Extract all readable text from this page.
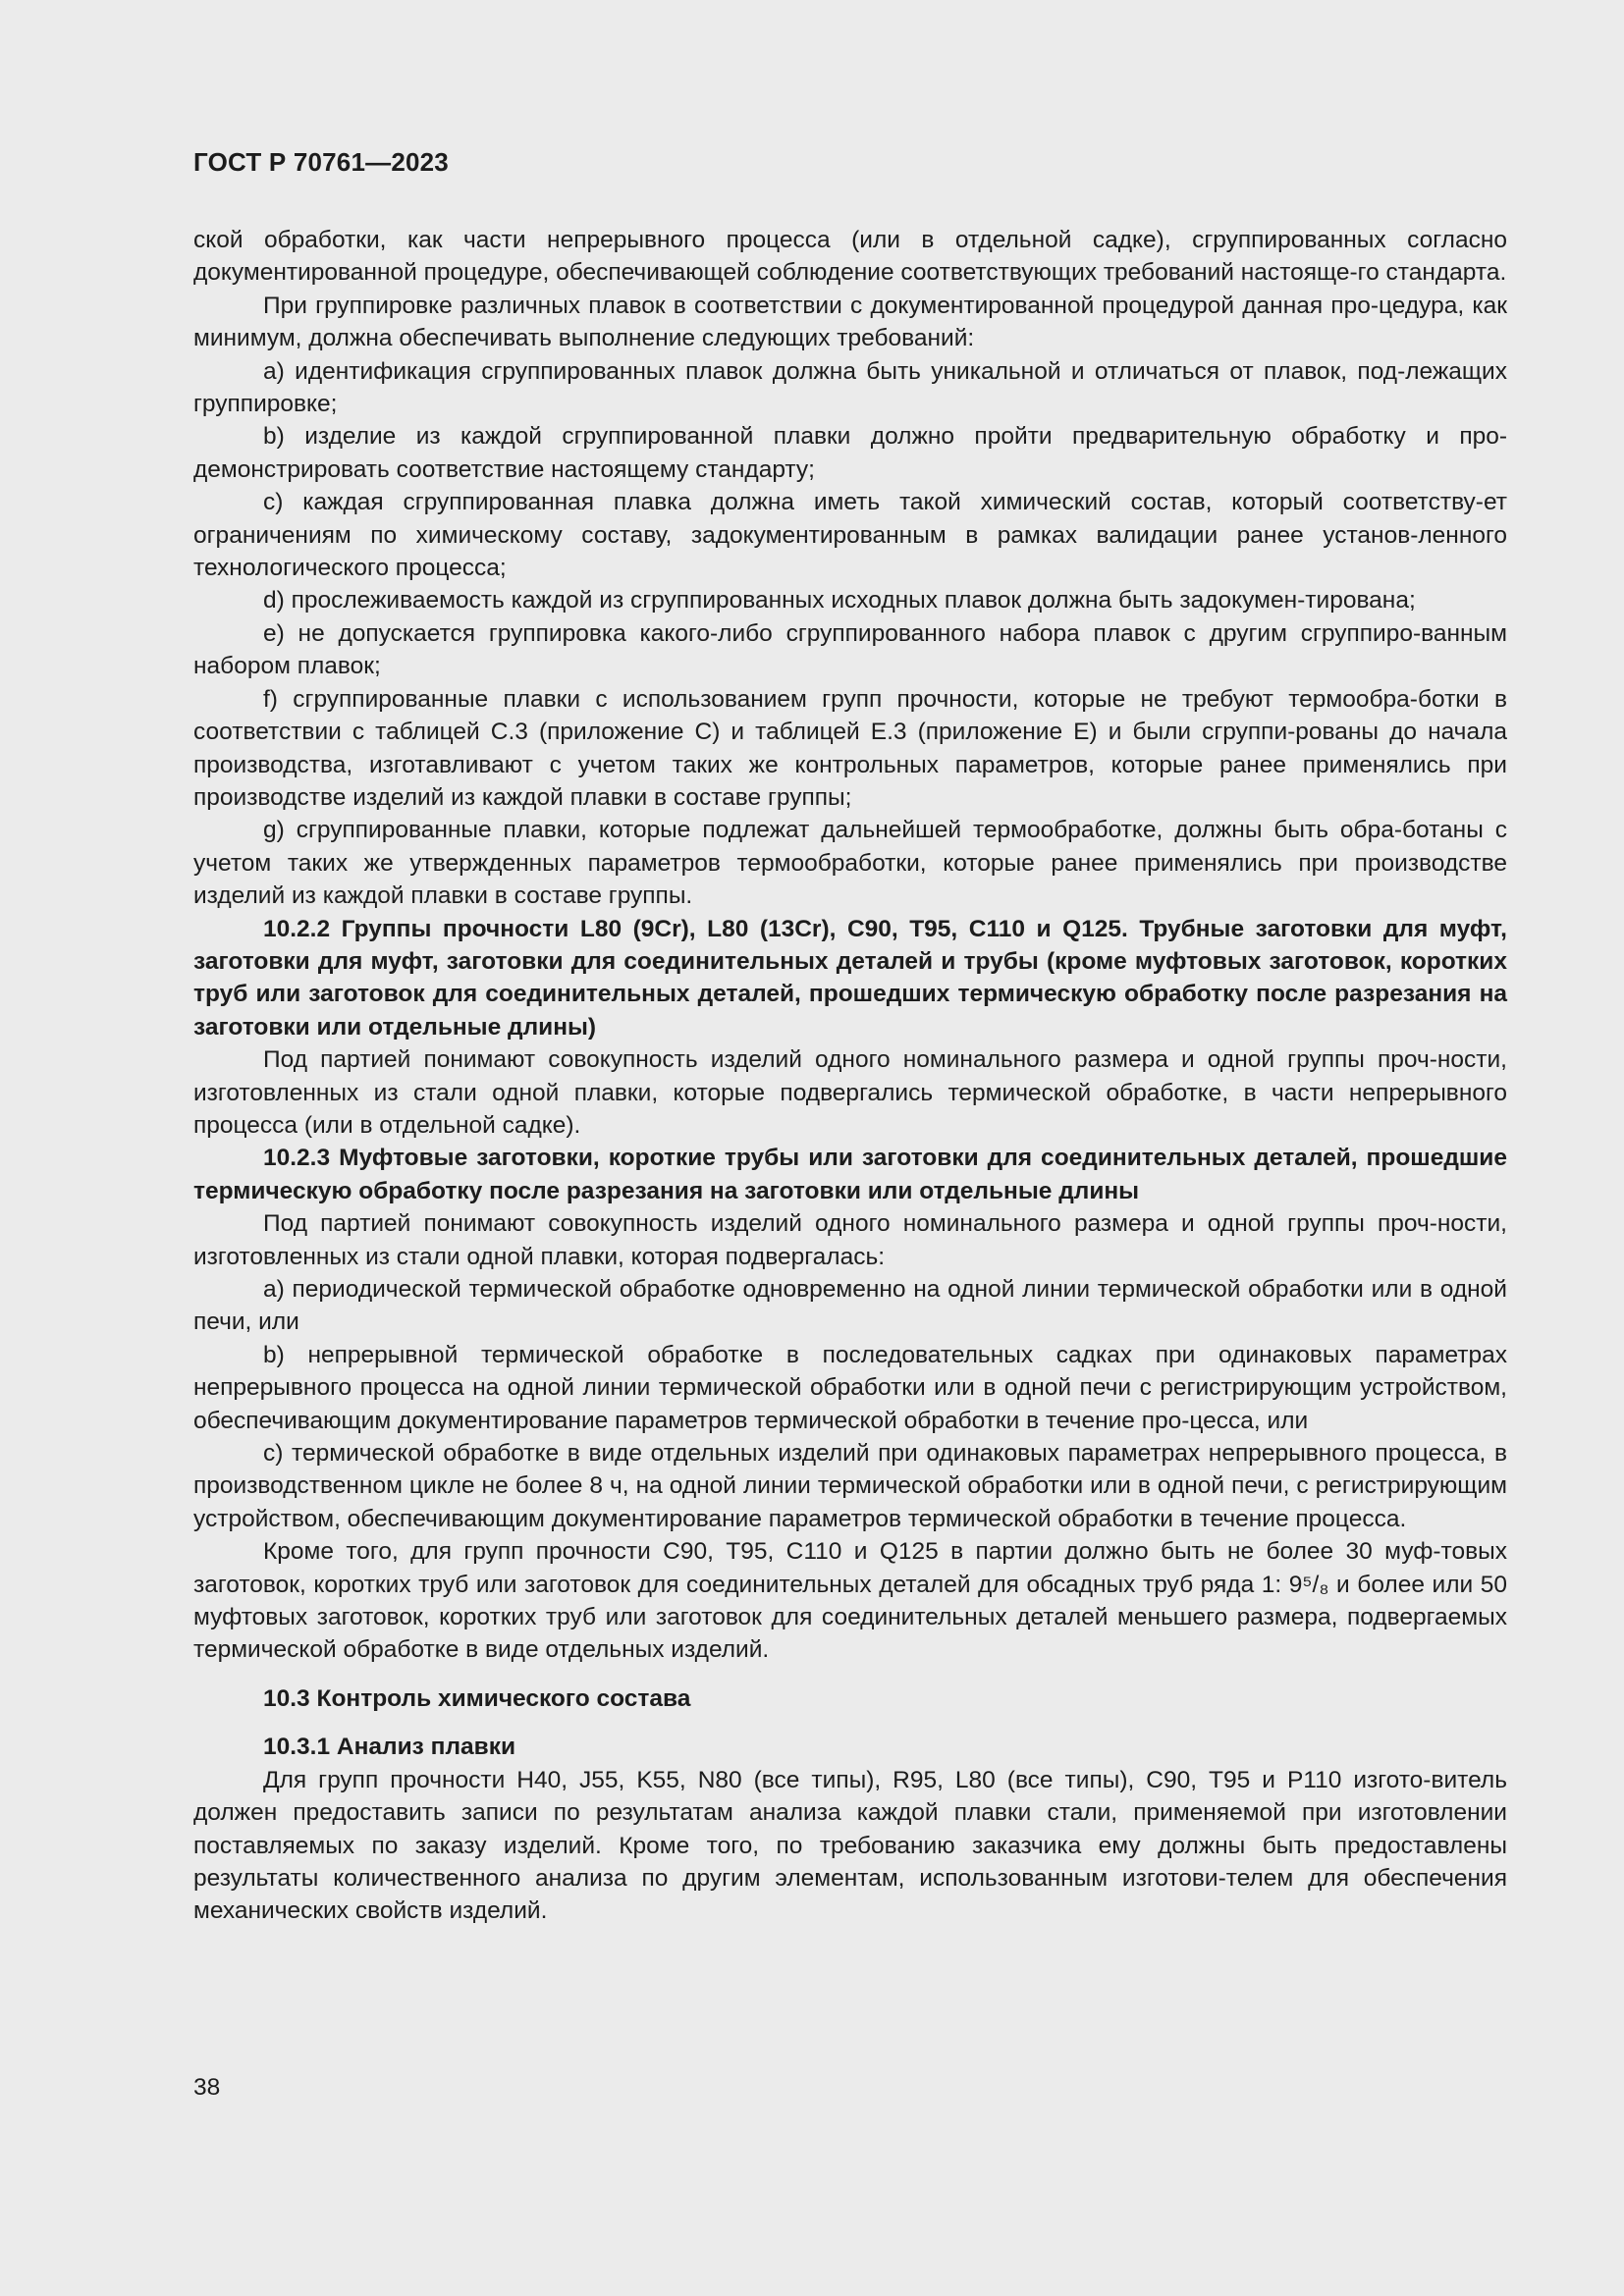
ГОСТ Р 70761—2023

ской обработки, как части непрерывного процесса (или в отдельной садке), сгруппированных согласно документированной процедуре, обеспечивающей соблюдение соответствующих требований настояще-го стандарта.

При группировке различных плавок в соответствии с документированной процедурой данная про-цедура, как минимум, должна обеспечивать выполнение следующих требований:

a) идентификация сгруппированных плавок должна быть уникальной и отличаться от плавок, под-лежащих группировке;

b) изделие из каждой сгруппированной плавки должно пройти предварительную обработку и про-демонстрировать соответствие настоящему стандарту;

c) каждая сгруппированная плавка должна иметь такой химический состав, который соответству-ет ограничениям по химическому составу, задокументированным в рамках валидации ранее установ-ленного технологического процесса;

d) прослеживаемость каждой из сгруппированных исходных плавок должна быть задокумен-тирована;

e) не допускается группировка какого-либо сгруппированного набора плавок с другим сгруппиро-ванным набором плавок;

f) сгруппированные плавки с использованием групп прочности, которые не требуют термообра-ботки в соответствии с таблицей С.3 (приложение С) и таблицей Е.3 (приложение Е) и были сгруппи-рованы до начала производства, изготавливают с учетом таких же контрольных параметров, которые ранее применялись при производстве изделий из каждой плавки в составе группы;

g) сгруппированные плавки, которые подлежат дальнейшей термообработке, должны быть обра-ботаны с учетом таких же утвержденных параметров термообработки, которые ранее применялись при производстве изделий из каждой плавки в составе группы.

10.2.2 Группы прочности L80 (9Cr), L80 (13Cr), C90, T95, C110 и Q125. Трубные заготовки для муфт, заготовки для муфт, заготовки для соединительных деталей и трубы (кроме муфтовых заготовок, коротких труб или заготовок для соединительных деталей, прошедших термическую обработку после разрезания на заготовки или отдельные длины)

Под партией понимают совокупность изделий одного номинального размера и одной группы проч-ности, изготовленных из стали одной плавки, которые подвергались термической обработке, в части непрерывного процесса (или в отдельной садке).

10.2.3 Муфтовые заготовки, короткие трубы или заготовки для соединительных деталей, прошедшие термическую обработку после разрезания на заготовки или отдельные длины

Под партией понимают совокупность изделий одного номинального размера и одной группы проч-ности, изготовленных из стали одной плавки, которая подвергалась:

a) периодической термической обработке одновременно на одной линии термической обработки или в одной печи, или

b) непрерывной термической обработке в последовательных садках при одинаковых параметрах непрерывного процесса на одной линии термической обработки или в одной печи с регистрирующим устройством, обеспечивающим документирование параметров термической обработки в течение про-цесса, или

c) термической обработке в виде отдельных изделий при одинаковых параметрах непрерывного процесса, в производственном цикле не более 8 ч, на одной линии термической обработки или в одной печи, с регистрирующим устройством, обеспечивающим документирование параметров термической обработки в течение процесса.

Кроме того, для групп прочности С90, Т95, С110 и Q125 в партии должно быть не более 30 муф-товых заготовок, коротких труб или заготовок для соединительных деталей для обсадных труб ряда 1: 9⁵/₈ и более или 50 муфтовых заготовок, коротких труб или заготовок для соединительных деталей меньшего размера, подвергаемых термической обработке в виде отдельных изделий.

10.3 Контроль химического состава

10.3.1 Анализ плавки

Для групп прочности Н40, J55, K55, N80 (все типы), R95, L80 (все типы), С90, Т95 и Р110 изгото-витель должен предоставить записи по результатам анализа каждой плавки стали, применяемой при изготовлении поставляемых по заказу изделий. Кроме того, по требованию заказчика ему должны быть предоставлены результаты количественного анализа по другим элементам, использованным изготови-телем для обеспечения механических свойств изделий.

38
